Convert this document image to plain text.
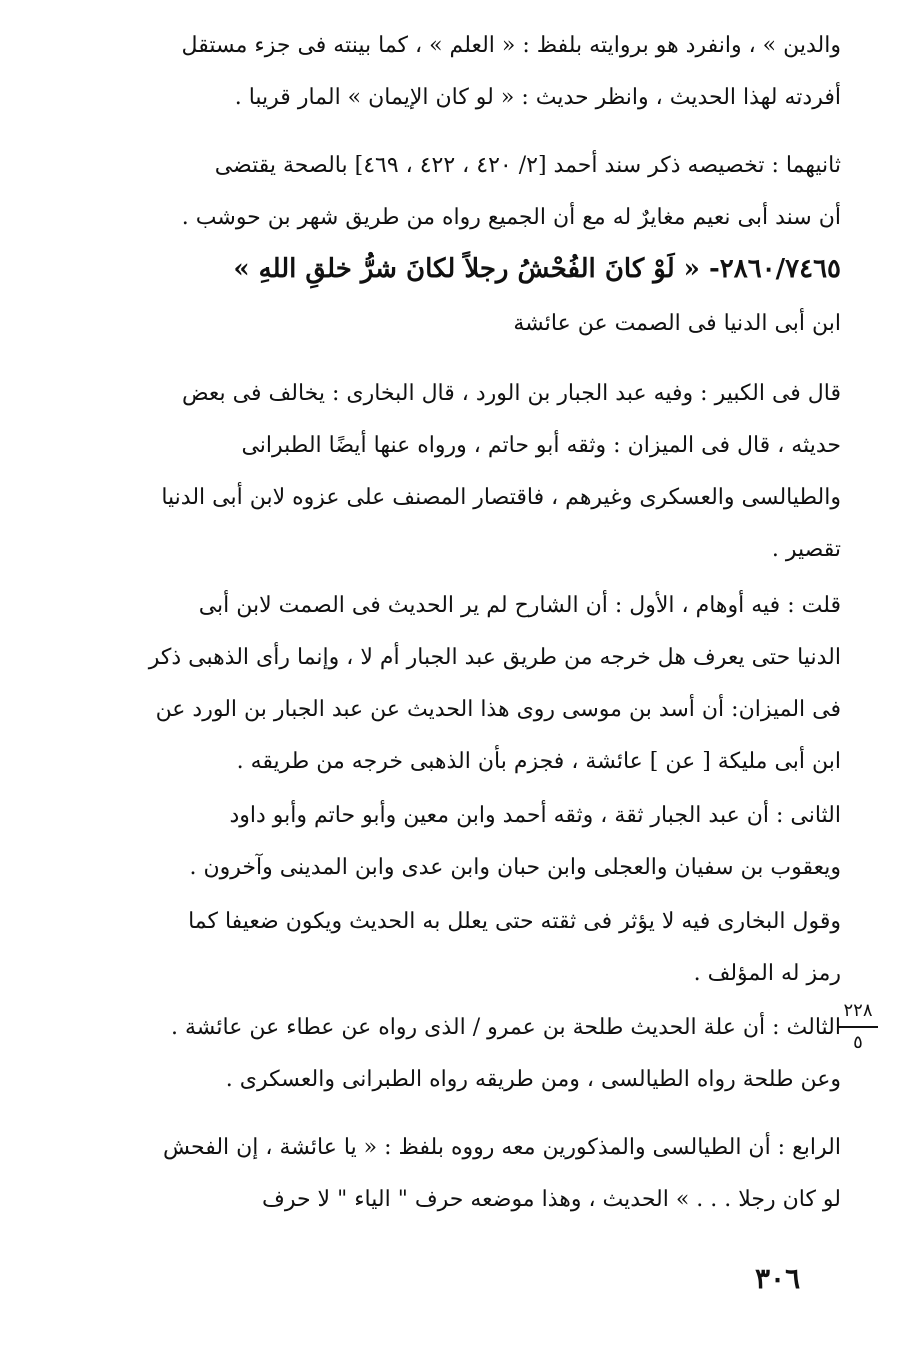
والدين » ، وانفرد هو بروايته بلفظ : « العلم » ، كما بينته فى جزء مستقل
أفردته لهذا الحديث ، وانظر حديث : « لو كان الإيمان » المار قريبا .
ثانيهما : تخصيصه ذكر سند أحمد [٢/ ٤٢٠ ، ٤٢٢ ، ٤٦٩] بالصحة يقتضى
أن سند أبى نعيم مغايرٌ له مع أن الجميع رواه من طريق شهر بن حوشب .
٢٨٦٠/٧٤٦٥- « لَوْ كانَ الفُحْشُ رجلاً لكانَ شرُّ خلقِ اللهِ »
ابن أبى الدنيا فى الصمت عن عائشة
قال فى الكبير : وفيه عبد الجبار بن الورد ، قال البخارى : يخالف فى بعض
حديثه ، قال فى الميزان : وثقه أبو حاتم ، ورواه عنها أيضًا الطبرانى
والطيالسى والعسكرى وغيرهم ، فاقتصار المصنف على عزوه لابن أبى الدنيا
تقصير .
قلت : فيه أوهام ، الأول : أن الشارح لم ير الحديث فى الصمت لابن أبى
الدنيا حتى يعرف هل خرجه من طريق عبد الجبار أم لا ، وإنما رأى الذهبى ذكر
فى الميزان: أن أسد بن موسى روى هذا الحديث عن عبد الجبار بن الورد عن
ابن أبى مليكة [ عن ] عائشة ، فجزم بأن الذهبى خرجه من طريقه .
الثانى : أن عبد الجبار ثقة ، وثقه أحمد وابن معين وأبو حاتم وأبو داود
ويعقوب بن سفيان والعجلى وابن حبان وابن عدى وابن المدينى وآخرون .
وقول البخارى فيه لا يؤثر فى ثقته حتى يعلل به الحديث ويكون ضعيفا كما
رمز له المؤلف .
الثالث : أن علة الحديث طلحة بن عمرو / الذى رواه عن عطاء عن عائشة .
وعن طلحة رواه الطيالسى ، ومن طريقه رواه الطبرانى والعسكرى .
الرابع : أن الطيالسى والمذكورين معه رووه بلفظ : « يا عائشة ، إن الفحش
لو كان رجلا . . . » الحديث ، وهذا موضعه حرف " الياء " لا حرف
٢٢٨
٥
٣٠٦
